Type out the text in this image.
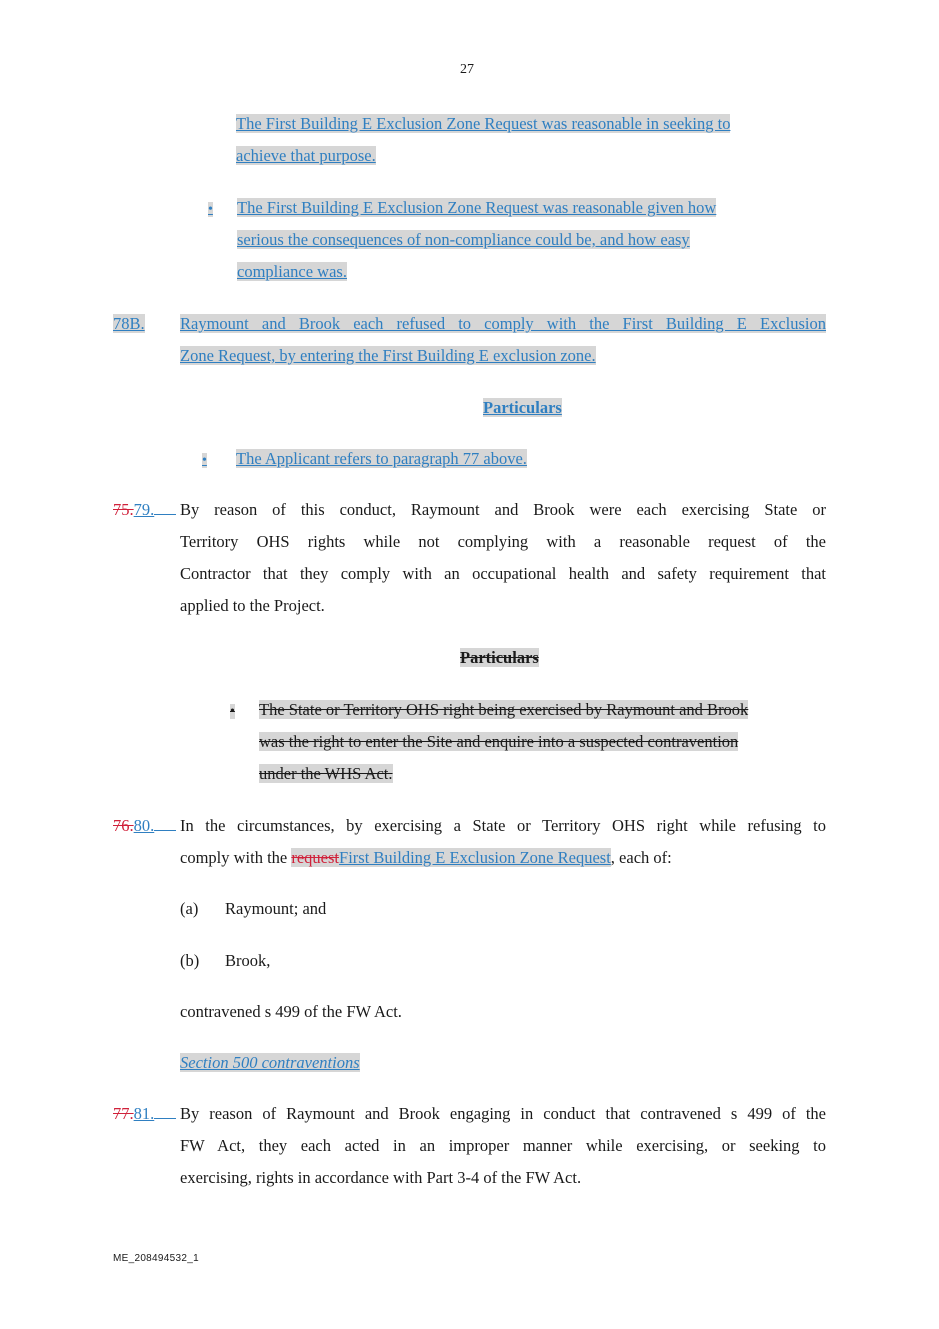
27
The First Building E Exclusion Zone Request was reasonable in seeking to
achieve that purpose.
• The First Building E Exclusion Zone Request was reasonable given how
serious the consequences of non-compliance could be, and how easy
compliance was.
78B. Raymount and Brook each refused to comply with the First Building E Exclusion
Zone Request, by entering the First Building E exclusion zone.
Particulars
• The Applicant refers to paragraph 77 above.
75.79.	By reason of this conduct, Raymount and Brook were each exercising State or
Territory OHS rights while not complying with a reasonable request of the
Contractor that they comply with an occupational health and safety requirement that
applied to the Project.
Particulars
• The State or Territory OHS right being exercised by Raymount and Brook
was the right to enter the Site and enquire into a suspected contravention
under the WHS Act.
76.80.	In the circumstances, by exercising a State or Territory OHS right while refusing to
comply with the requestFirst Building E Exclusion Zone Request, each of:
(a) Raymount; and
(b) Brook,
contravened s 499 of the FW Act.
Section 500 contraventions
77.81.	By reason of Raymount and Brook engaging in conduct that contravened s 499 of the
FW Act, they each acted in an improper manner while exercising, or seeking to
exercising, rights in accordance with Part 3-4 of the FW Act.
ME_208494532_1
